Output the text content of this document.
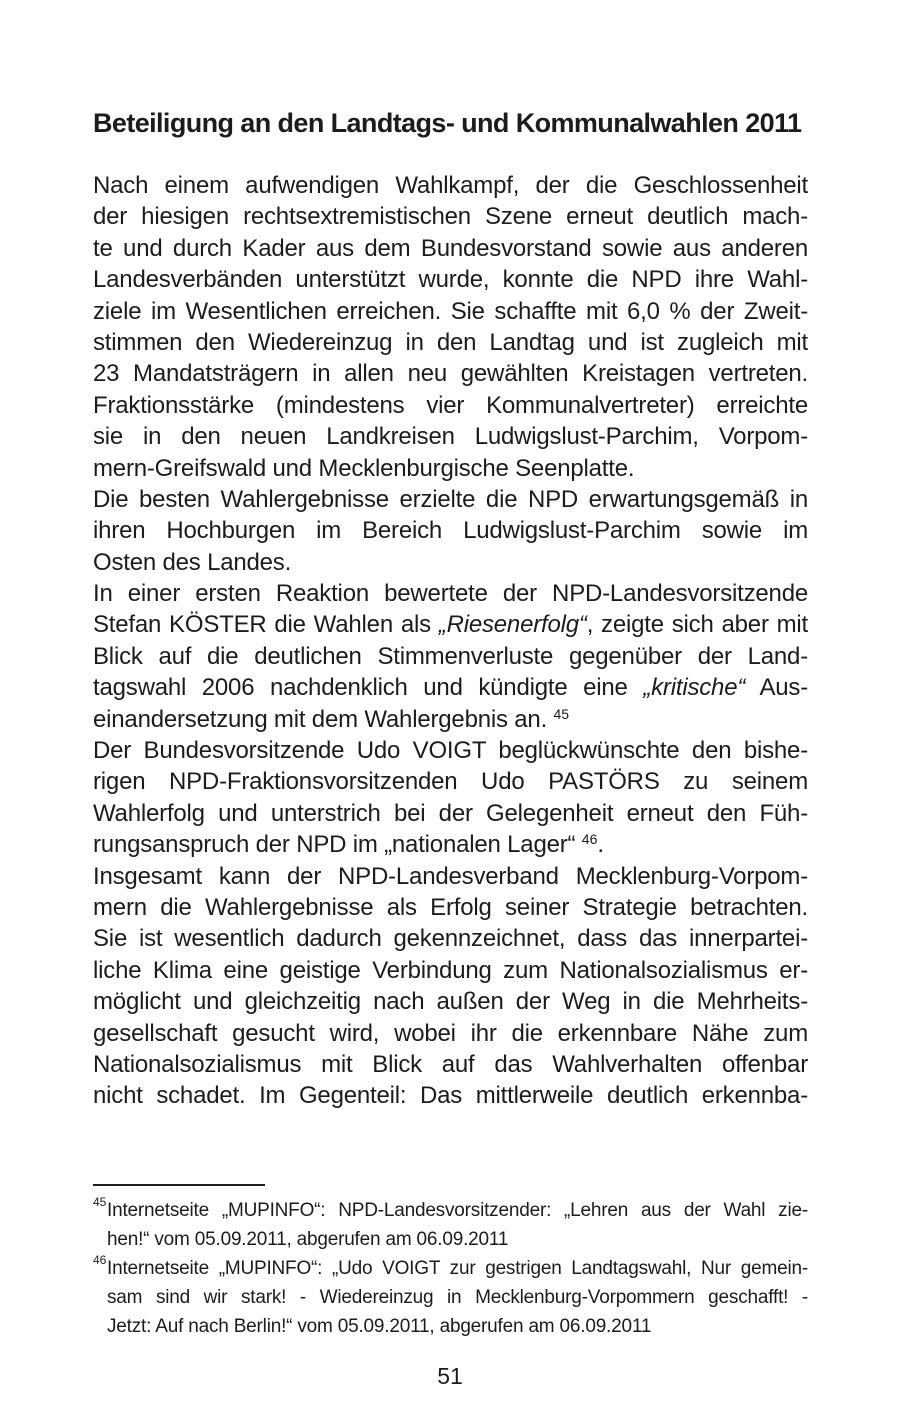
Beteiligung an den Landtags- und Kommunalwahlen 2011
Nach einem aufwendigen Wahlkampf, der die Geschlossenheit
der hiesigen rechtsextremistischen Szene erneut deutlich mach-
te und durch Kader aus dem Bundesvorstand sowie aus anderen
Landesverbänden unterstützt wurde, konnte die NPD ihre Wahl-
ziele im Wesentlichen erreichen. Sie schaffte mit 6,0 % der Zweit-
stimmen den Wiedereinzug in den Landtag und ist zugleich mit
23 Mandatsträgern in allen neu gewählten Kreistagen vertreten.
Fraktionsstärke (mindestens vier Kommunalvertreter) erreichte
sie in den neuen Landkreisen Ludwigslust-Parchim, Vorpom-
mern-Greifswald und Mecklenburgische Seenplatte.
Die besten Wahlergebnisse erzielte die NPD erwartungsgemäß in
ihren Hochburgen im Bereich Ludwigslust-Parchim sowie im
Osten des Landes.
In einer ersten Reaktion bewertete der NPD-Landesvorsitzende
Stefan KÖSTER die Wahlen als „Riesenerfolg“, zeigte sich aber mit
Blick auf die deutlichen Stimmenverluste gegenüber der Land-
tagswahl 2006 nachdenklich und kündigte eine „kritische“ Aus-
einandersetzung mit dem Wahlergebnis an. $^{45}$
Der Bundesvorsitzende Udo VOIGT beglückwünschte den bishe-
rigen NPD-Fraktionsvorsitzenden Udo PASTÖRS zu seinem
Wahlerfolg und unterstrich bei der Gelegenheit erneut den Füh-
rungsanspruch der NPD im „nationalen Lager“ $^{46}$.
Insgesamt kann der NPD-Landesverband Mecklenburg-Vorpom-
mern die Wahlergebnisse als Erfolg seiner Strategie betrachten.
Sie ist wesentlich dadurch gekennzeichnet, dass das innerpartei-
liche Klima eine geistige Verbindung zum Nationalsozialismus er-
möglicht und gleichzeitig nach außen der Weg in die Mehrheits-
gesellschaft gesucht wird, wobei ihr die erkennbare Nähe zum
Nationalsozialismus mit Blick auf das Wahlverhalten offenbar
nicht schadet. Im Gegenteil: Das mittlerweile deutlich erkennba-
45 Internetseite „MUPINFO“: NPD-Landesvorsitzender: „Lehren aus der Wahl zie-
hen!“ vom 05.09.2011, abgerufen am 06.09.2011
46 Internetseite „MUPINFO“: „Udo VOIGT zur gestrigen Landtagswahl, Nur gemein-
sam sind wir stark! - Wiedereinzug in Mecklenburg-Vorpommern geschafft! -
Jetzt: Auf nach Berlin!“ vom 05.09.2011, abgerufen am 06.09.2011
51
